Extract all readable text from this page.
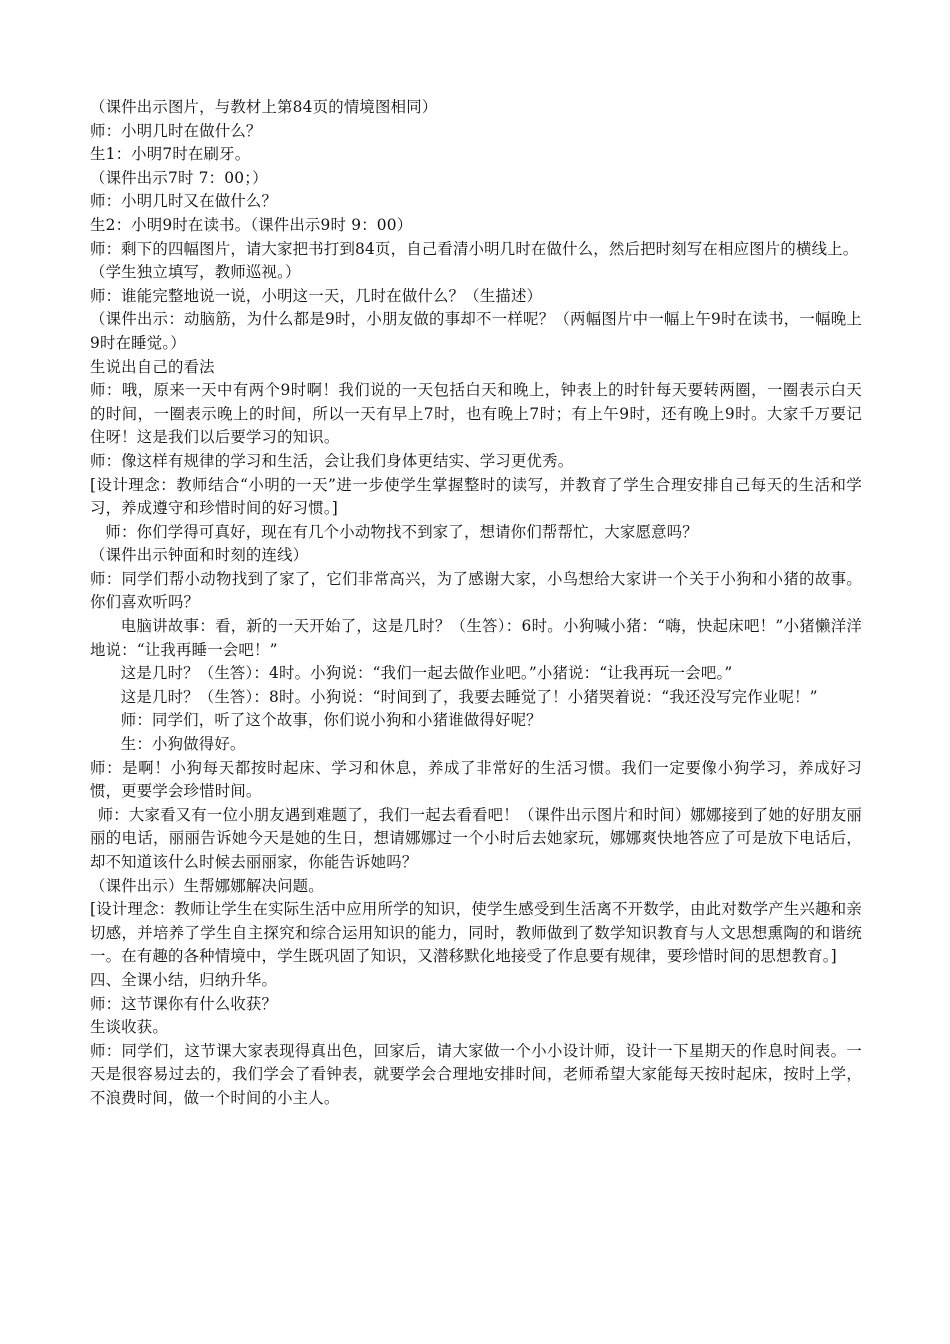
（课件出示图片，与教材上第84页的情境图相同）

师：小明几时在做什么？

生1：小明7时在刷牙。

（课件出示7时 7：00；）

师：小明几时又在做什么？

生2：小明9时在读书。（课件出示9时 9：00）

师：剩下的四幅图片，请大家把书打到84页，自己看清小明几时在做什么，然后把时刻写在相应图片的横线上。

（学生独立填写，教师巡视。）

师：谁能完整地说一说，小明这一天，几时在做什么？（生描述）

（课件出示：动脑筋，为什么都是9时，小朋友做的事却不一样呢？（两幅图片中一幅上午9时在读书，一幅晚上9时在睡觉。）

生说出自己的看法

师：哦，原来一天中有两个9时啊！我们说的一天包括白天和晚上，钟表上的时针每天要转两圈，一圈表示白天的时间，一圈表示晚上的时间，所以一天有早上7时，也有晚上7时；有上午9时，还有晚上9时。大家千万要记住呀！这是我们以后要学习的知识。

师：像这样有规律的学习和生活，会让我们身体更结实、学习更优秀。

[设计理念：教师结合“小明的一天”进一步使学生掌握整时的读写，并教育了学生合理安排自己每天的生活和学习，养成遵守和珍惜时间的好习惯。]

师：你们学得可真好，现在有几个小动物找不到家了，想请你们帮帮忙，大家愿意吗？

（课件出示钟面和时刻的连线）

师：同学们帮小动物找到了家了，它们非常高兴，为了感谢大家，小鸟想给大家讲一个关于小狗和小猪的故事。你们喜欢听吗？

电脑讲故事：看，新的一天开始了，这是几时？（生答）：6时。小狗喊小猪：“嗨，快起床吧！”小猪懒洋洋地说：“让我再睡一会吧！”

这是几时？（生答）：4时。小狗说：“我们一起去做作业吧。”小猪说：“让我再玩一会吧。”

这是几时？（生答）：8时。小狗说：“时间到了，我要去睡觉了！小猪哭着说：“我还没写完作业呢！”

师：同学们，听了这个故事，你们说小狗和小猪谁做得好呢？

生：小狗做得好。

师：是啊！小狗每天都按时起床、学习和休息，养成了非常好的生活习惯。我们一定要像小狗学习，养成好习惯，更要学会珍惜时间。

师：大家看又有一位小朋友遇到难题了，我们一起去看看吧！（课件出示图片和时间）娜娜接到了她的好朋友丽丽的电话，丽丽告诉她今天是她的生日，想请娜娜过一个小时后去她家玩，娜娜爽快地答应了可是放下电话后，却不知道该什么时候去丽丽家，你能告诉她吗？

（课件出示）生帮娜娜解决问题。

[设计理念：教师让学生在实际生活中应用所学的知识，使学生感受到生活离不开数学，由此对数学产生兴趣和亲切感，并培养了学生自主探究和综合运用知识的能力，同时，教师做到了数学知识教育与人文思想熏陶的和谐统一。在有趣的各种情境中，学生既巩固了知识，又潜移默化地接受了作息要有规律，要珍惜时间的思想教育。]

四、全课小结，归纳升华。

师：这节课你有什么收获？

生谈收获。

师：同学们，这节课大家表现得真出色，回家后，请大家做一个小小设计师，设计一下星期天的作息时间表。一天是很容易过去的，我们学会了看钟表，就要学会合理地安排时间，老师希望大家能每天按时起床，按时上学，不浪费时间，做一个时间的小主人。
